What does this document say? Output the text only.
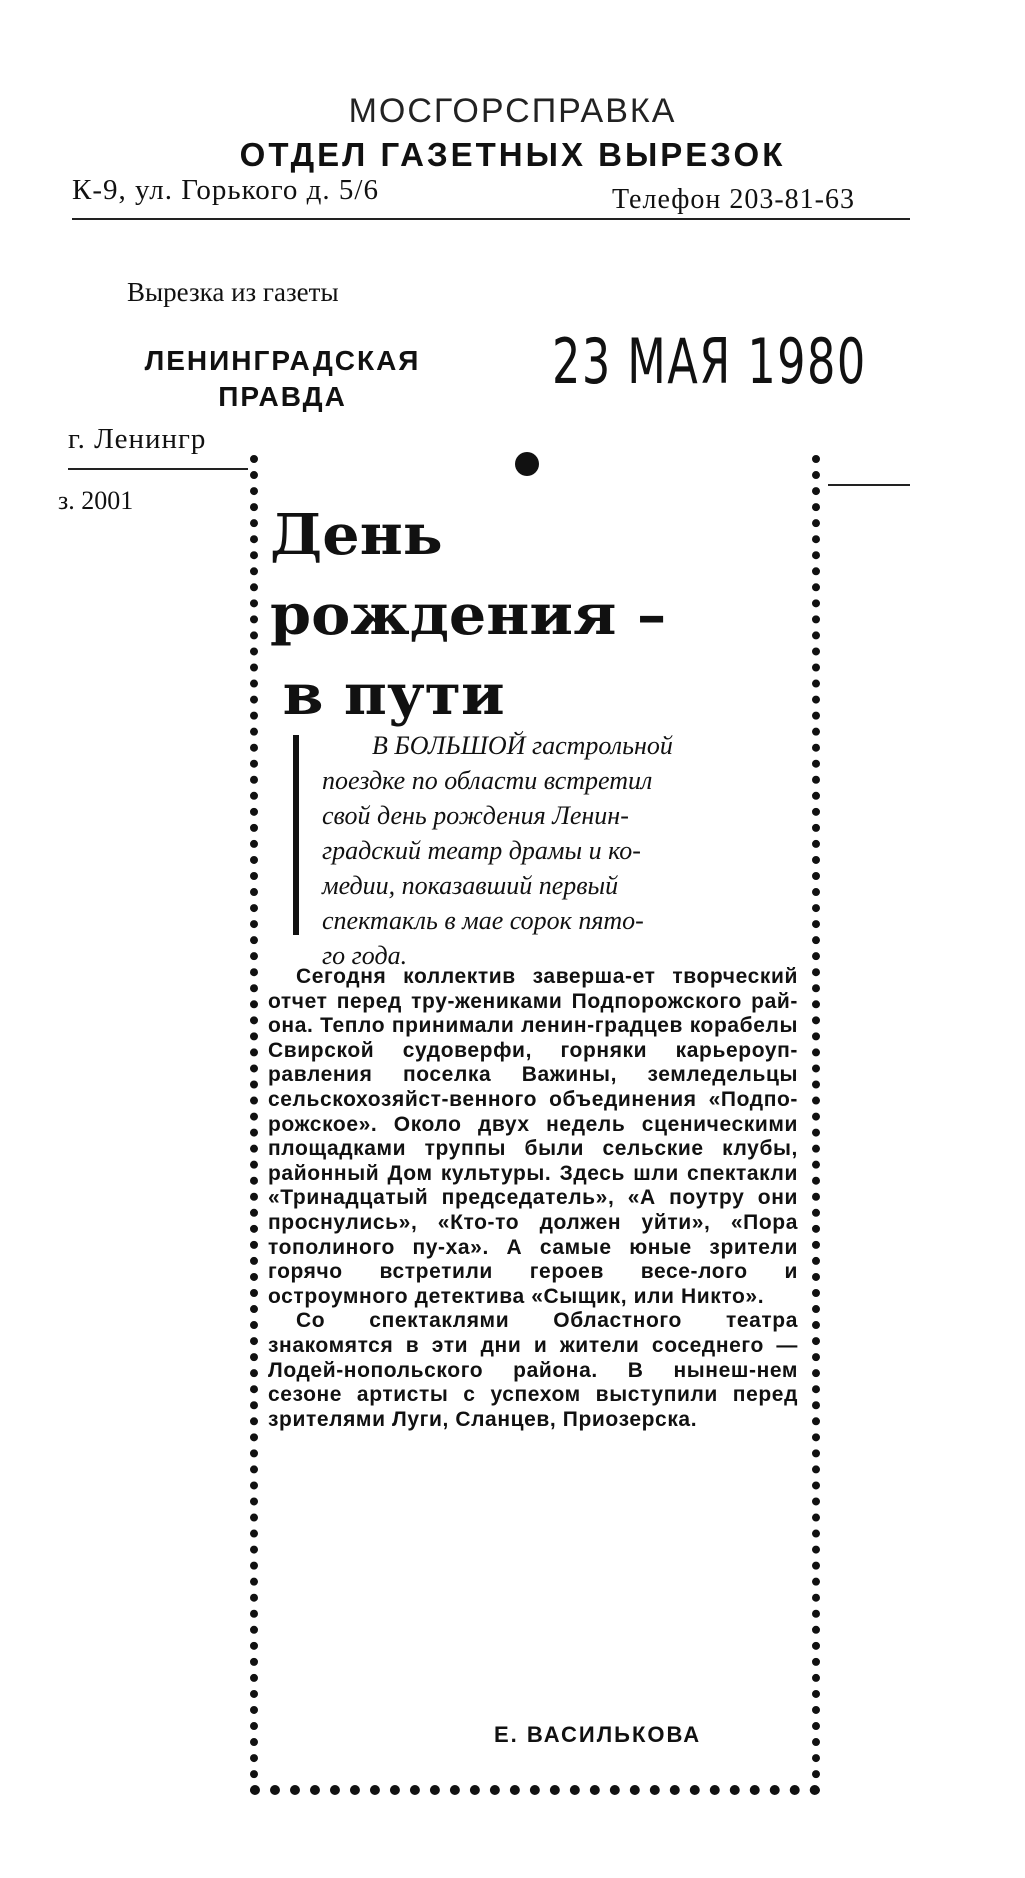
МОСГОРСПРАВКА
ОТДЕЛ ГАЗЕТНЫХ ВЫРЕЗОК
К-9, ул. Горького д. 5/6	Телефон 203-81-63
Вырезка из газеты
ЛЕНИНГРАДСКАЯ
ПРАВДА	23 МАЯ 1980
г. Ленингр
з. 2001
День
рождения –
в пути

В БОЛЬШОЙ гастрольной

поездке по области встретил

свой день рождения Ленин-

градский театр драмы и ко-

медии, показавший первый

спектакль в мае сорок пято-

го года.

Сегодня коллектив заверша-ет творческий отчет перед тру-жениками Подпорожского рай-она. Тепло принимали ленин-градцев корабелы Свирской судоверфи, горняки карьероуп-равления поселка Важины, земледельцы сельскохозяйст-венного объединения «Подпо-рожское». Около двух недель сценическими площадками труппы были сельские клубы, районный Дом культуры. Здесь шли спектакли «Тринадцатый председатель», «А поутру они проснулись», «Кто-то должен уйти», «Пора тополиного пу-ха». А самые юные зрители горячо встретили героев весе-лого и остроумного детектива «Сыщик, или Никто».

Со спектаклями Областного театра знакомятся в эти дни и жители соседнего — Лодей-нопольского района. В нынеш-нем сезоне артисты с успехом выступили перед зрителями Луги, Сланцев, Приозерска.

Е. ВАСИЛЬКОВА
